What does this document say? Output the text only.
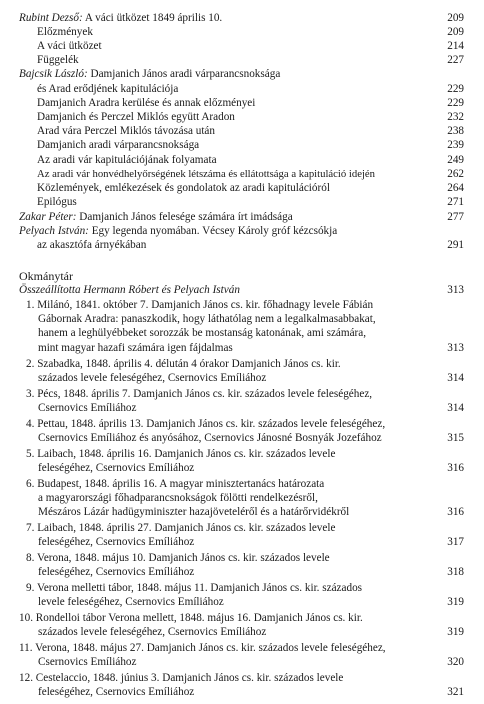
Rubint Dezső: A váci ütközet 1849 április 10.	209
Előzmények	209
A váci ütközet	214
Függelék	227
Bajcsik László: Damjanich János aradi várparancsnoksága
és Arad erődjének kapitulációja	229
Damjanich Aradra kerülése és annak előzményei	229
Damjanich és Perczel Miklós együtt Aradon	232
Arad vára Perczel Miklós távozása után	238
Damjanich aradi várparancsnoksága	239
Az aradi vár kapitulációjának folyamata	249
Az aradi vár honvédhelyőrségének létszáma és ellátottsága a kapituláció idején	262
Közlemények, emlékezések és gondolatok az aradi kapitulációról	264
Epilógus	271
Zakar Péter: Damjanich János felesége számára írt imádsága	277
Pelyach István: Egy legenda nyomában. Vécsey Károly gróf kézcsókja
az akasztófa árnyékában	291
Okmánytár
Összeállította Hermann Róbert és Pelyach István	313
1. Milánó, 1841. október 7. Damjanich János cs. kir. főhadnagy levele Fábián
Gábornak Aradra: panaszkodik, hogy láthatólag nem a legalkalmasabbakat,
hanem a leghülyébbeket sorozzák be mostanság katonának, ami számára,
mint magyar hazafi számára igen fájdalmas	313
2. Szabadka, 1848. április 4. délután 4 órakor Damjanich János cs. kir.
százados levele feleségéhez, Csernovics Emíliához	314
3. Pécs, 1848. április 7. Damjanich János cs. kir. százados levele feleségéhez,
Csernovics Emíliához	314
4. Pettau, 1848. április 13. Damjanich János cs. kir. százados levele feleségéhez,
Csernovics Emíliához és anyósához, Csernovics Jánosné Bosnyák Jozefához	315
5. Laibach, 1848. április 16. Damjanich János cs. kir. százados levele
feleségéhez, Csernovics Emíliához	316
6. Budapest, 1848. április 16. A magyar minisztertanács határozata
a magyarországi főhadparancsnokságok fölötti rendelkezésről,
Mészáros Lázár hadügyminiszter hazajöveteléről és a határőrvidékről	316
7. Laibach, 1848. április 27. Damjanich János cs. kir. százados levele
feleségéhez, Csernovics Emíliához	317
8. Verona, 1848. május 10. Damjanich János cs. kir. százados levele
feleségéhez, Csernovics Emíliához	318
9. Verona melletti tábor, 1848. május 11. Damjanich János cs. kir. százados
levele feleségéhez, Csernovics Emíliához	319
10. Rondelloi tábor Verona mellett, 1848. május 16. Damjanich János cs. kir.
százados levele feleségéhez, Csernovics Emíliához	319
11. Verona, 1848. május 27. Damjanich János cs. kir. százados levele feleségéhez,
Csernovics Emíliához	320
12. Cestelaccio, 1848. június 3. Damjanich János cs. kir. százados levele
feleségéhez, Csernovics Emíliához	321
